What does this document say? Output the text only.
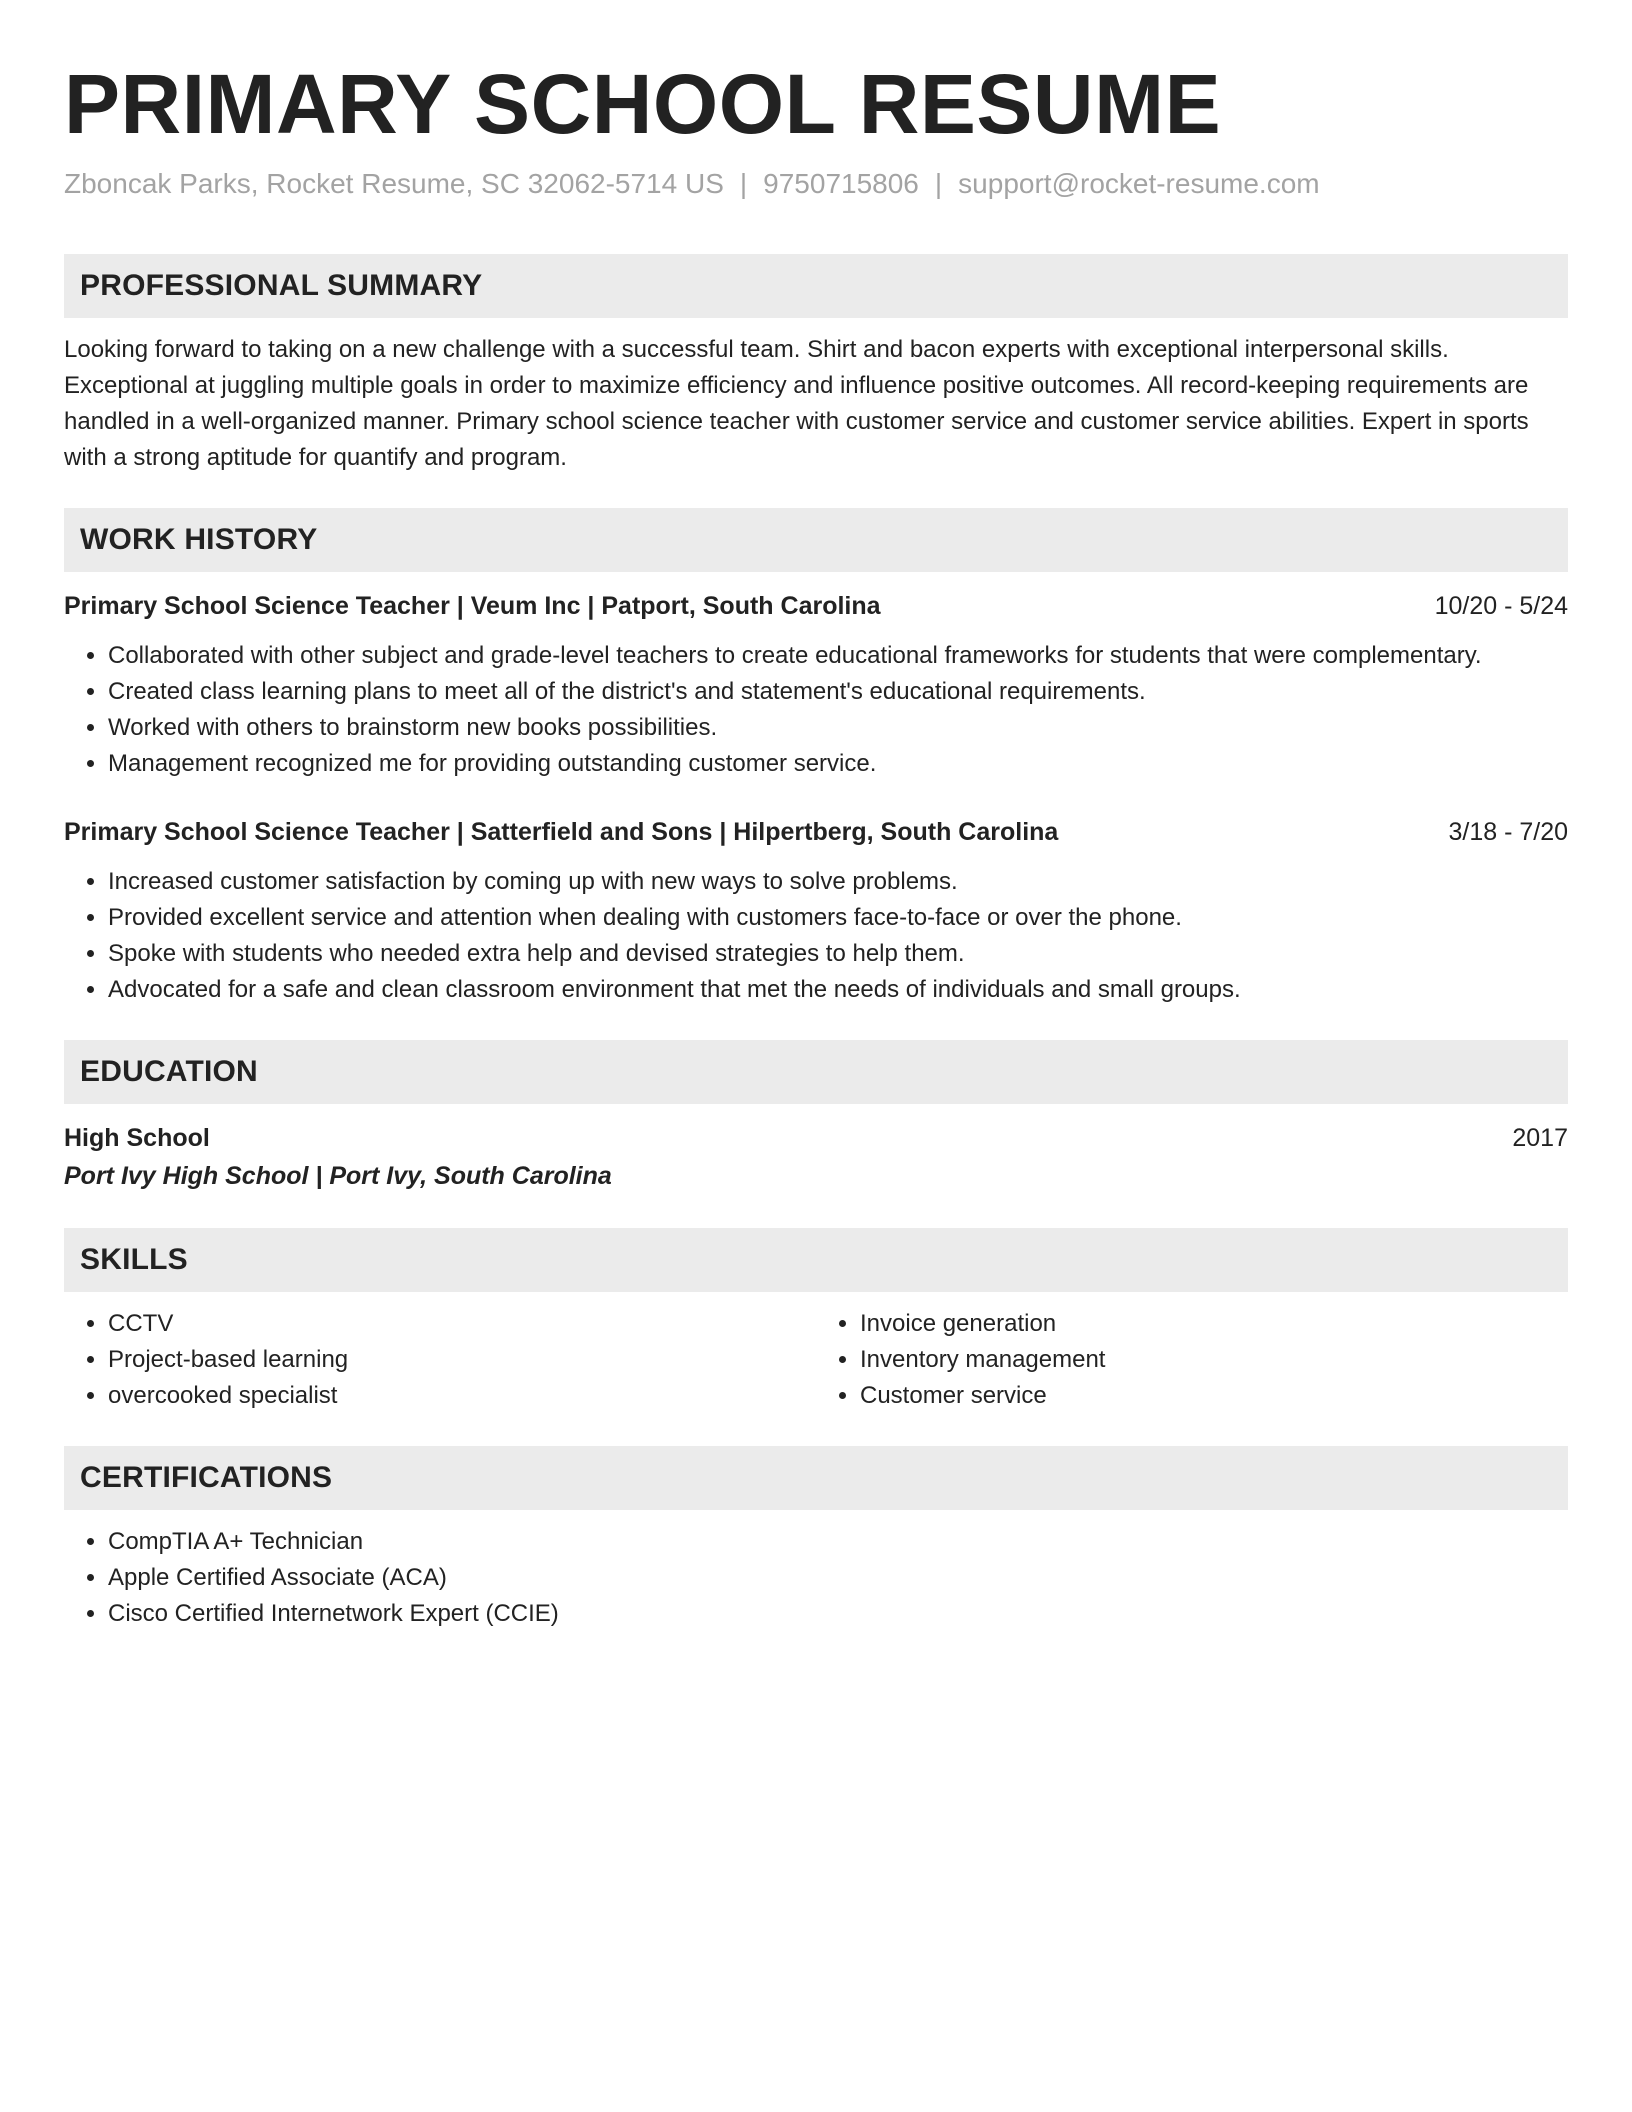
PRIMARY SCHOOL RESUME
Zboncak Parks, Rocket Resume, SC 32062-5714 US | 9750715806 | support@rocket-resume.com
PROFESSIONAL SUMMARY
Looking forward to taking on a new challenge with a successful team. Shirt and bacon experts with exceptional interpersonal skills. Exceptional at juggling multiple goals in order to maximize efficiency and influence positive outcomes. All record-keeping requirements are handled in a well-organized manner. Primary school science teacher with customer service and customer service abilities. Expert in sports with a strong aptitude for quantify and program.
WORK HISTORY
Primary School Science Teacher | Veum Inc | Patport, South Carolina	10/20 - 5/24
• Collaborated with other subject and grade-level teachers to create educational frameworks for students that were complementary.
• Created class learning plans to meet all of the district's and statement's educational requirements.
• Worked with others to brainstorm new books possibilities.
• Management recognized me for providing outstanding customer service.
Primary School Science Teacher | Satterfield and Sons | Hilpertberg, South Carolina	3/18 - 7/20
• Increased customer satisfaction by coming up with new ways to solve problems.
• Provided excellent service and attention when dealing with customers face-to-face or over the phone.
• Spoke with students who needed extra help and devised strategies to help them.
• Advocated for a safe and clean classroom environment that met the needs of individuals and small groups.
EDUCATION
High School	2017
Port Ivy High School | Port Ivy, South Carolina
SKILLS
• CCTV
• Project-based learning
• overcooked specialist
• Invoice generation
• Inventory management
• Customer service
CERTIFICATIONS
• CompTIA A+ Technician
• Apple Certified Associate (ACA)
• Cisco Certified Internetwork Expert (CCIE)
